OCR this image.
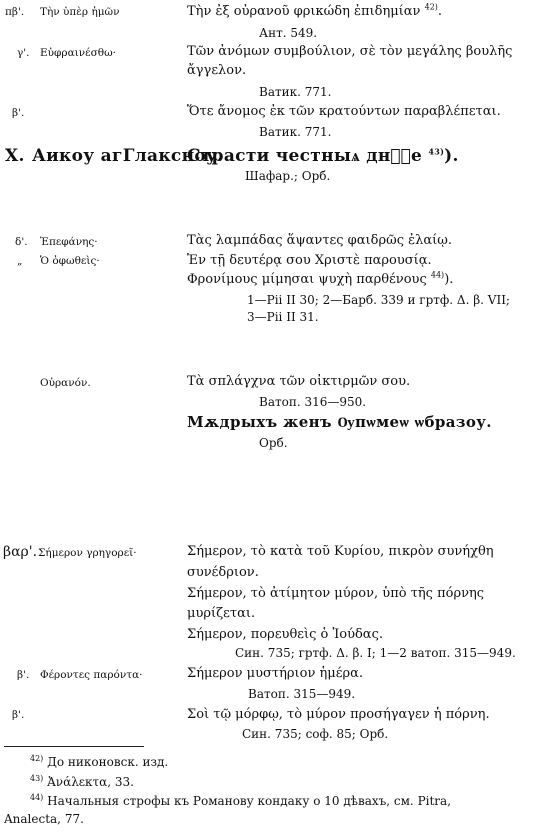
πβ'. Τὴν ὑπὲρ ἡμῶν	Τὴν ἐξ οὐρανοῦ φρικώδη ἐπιδημίαν $^{42)}$.
Ант. 549.
γ'. Εὐφραινέσθω·	Τῶν ἀνόμων συμβούλιον, σὲ τὸν μεγάλης βουλῆς
ἄγγελον.
Ватик. 771.
β'.	Ὅτε ἄνομος ἐκ τῶν κρατούντων παραβλέπεται.
Ватик. 771.
Х. Аикоу агГлаксноу.
Страсти честныѧ днⷭ҇е $^{43)}$).
Шафар.; Орб.
δ'. Ἐπεφάνης·	Τὰς λαμπάδας ἅψαντες φαιδρῶς ἐλαίῳ.
„ Ὁ ὀφωθεὶς·	Ἐν τῇ δευτέρᾳ σου Χριστὲ παρουσίᾳ.
Φρονίμους μίμησαι ψυχὴ παρθένους $^{44)}$).
1—Pii II 30; 2—Барб. 339 и гртф. Δ. β. VII;
3—Pii II 31.
Οὐρανόν.	Τὰ σπλάγχνα τῶν οἰκτιρμῶν σου.
Ватоп. 316—950.
Мѫдрыхъ женъ Ѹпѡмеѡ ѡбразоу.
Орб.
βαρ'. Σήμερον γρηγορεῖ·	Σήμερον, τὸ κατὰ τοῦ Κυρίου, πικρὸν συνήχθη
συνέδριον.
Σήμερον, τὸ ἀτίμητον μύρον, ὑπὸ τῆς πόρνης
μυρίζεται.
Σήμερον, πορευθεὶς ὁ Ἰούδας.
Син. 735; гртф. Δ. β. I; 1—2 ватоп. 315—949.
β'. Φέροντες παρόντα·	Σήμερον μυστήριον ἡμέρα.
Ватоп. 315—949.
β'.	Σοὶ τῷ μόρφῳ, τὸ μύρον προσήγαγεν ἡ πόρνη.
Син. 735; соф. 85; Орб.
$^{42)}$ До никоновск. изд.
$^{43)}$ Ἀνάλεκτα, 33.
$^{44)}$ Начальныя строфы къ Романову кондаку о 10 дѣвахъ, см. Pitra,
Analecta, 77.
